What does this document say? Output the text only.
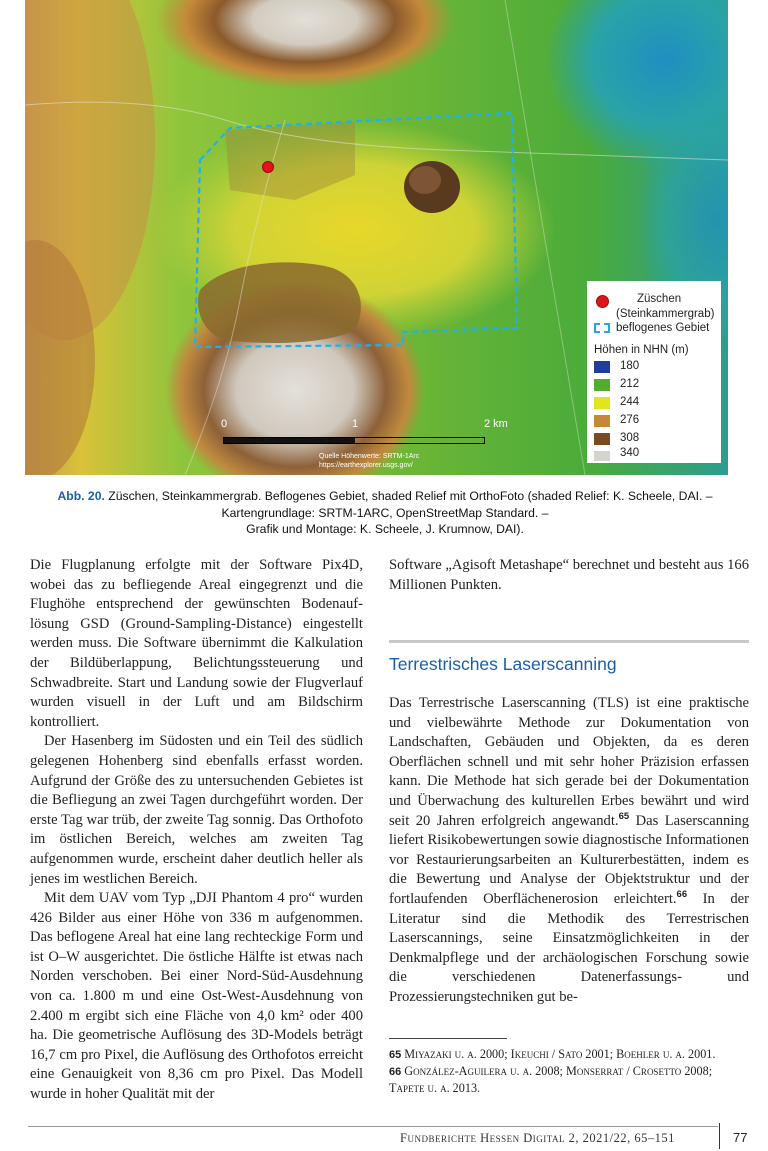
Züschen
(Steinkammergrab)
beflogenes Gebiet
Höhen in NHN (m)
180
212
244
276
308
340
0	1	2 km
Quelle Höhenwerte: SRTM-1Arc
https://earthexplorer.usgs.gov/
Abb. 20. Züschen, Steinkammergrab. Beflogenes Gebiet, shaded Relief mit OrthoFoto (shaded Relief: K. Scheele, DAI. –
Kartengrundlage: SRTM-1ARC, OpenStreetMap Standard. –
Grafik und Montage: K. Scheele, J. Krumnow, DAI).

Die Flugplanung erfolgte mit der Software Pix4D, wobei das zu befliegende Areal eingegrenzt und die Flughöhe entsprechend der gewünschten Bodenauflösung GSD (Ground-Sampling-Distance) eingestellt werden muss. Die Software übernimmt die Kalkulation der Bildüberlappung, Belichtungssteuerung und Schwadbreite. Start und Landung sowie der Flugverlauf wurden visuell in der Luft und am Bildschirm kontrolliert.

Der Hasenberg im Südosten und ein Teil des südlich gelegenen Hohenberg sind ebenfalls erfasst worden. Aufgrund der Größe des zu untersuchenden Gebietes ist die Befliegung an zwei Tagen durchgeführt worden. Der erste Tag war trüb, der zweite Tag sonnig. Das Orthofoto im östlichen Bereich, welches am zweiten Tag aufgenommen wurde, erscheint daher deutlich heller als jenes im westlichen Bereich.

Mit dem UAV vom Typ „DJI Phantom 4 pro“ wurden 426 Bilder aus einer Höhe von 336 m aufgenommen. Das beflogene Areal hat eine lang rechteckige Form und ist O–W ausgerichtet. Die östliche Hälfte ist etwas nach Norden verschoben. Bei einer Nord-Süd-Ausdehnung von ca. 1.800 m und eine Ost-West-Ausdehnung von 2.400 m ergibt sich eine Fläche von 4,0 km² oder 400 ha. Die geometrische Auflösung des 3D-Models beträgt 16,7 cm pro Pixel, die Auflösung des Orthofotos erreicht eine Genauigkeit von 8,36 cm pro Pixel. Das Modell wurde in hoher Qualität mit der

Software „Agisoft Metashape“ berechnet und besteht aus 166 Millionen Punkten.

Terrestrisches Laserscanning

Das Terrestrische Laserscanning (TLS) ist eine praktische und vielbewährte Methode zur Dokumentation von Landschaften, Gebäuden und Objekten, da es deren Oberflächen schnell und mit sehr hoher Präzision erfassen kann. Die Methode hat sich gerade bei der Dokumentation und Überwachung des kulturellen Erbes bewährt und wird seit 20 Jahren erfolgreich angewandt.$^{65}$ Das Laserscanning liefert Risikobewertungen sowie diagnostische Informationen vor Restaurierungsarbeiten an Kulturerbestätten, indem es die Bewertung und Analyse der Objektstruktur und der fortlaufenden Oberflächenerosion erleichtert.$^{66}$ In der Literatur sind die Methodik des Terrestrischen Laserscannings, seine Einsatzmöglichkeiten in der Denkmalpflege und der archäologischen Forschung sowie die verschiedenen Datenerfassungs- und Prozessierungstechniken gut be-

65 Miyazaki u. a. 2000; Ikeuchi / Sato 2001; Boehler u. a. 2001.
66 González-Aguilera u. a. 2008; Monserrat / Crosetto 2008; Tapete u. a. 2013.
Fundberichte Hessen Digital 2, 2021/22, 65–151	77
